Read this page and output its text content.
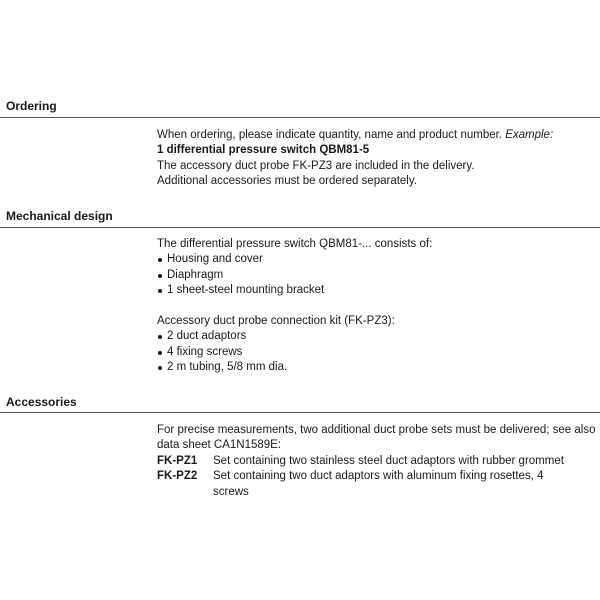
Ordering

When ordering, please indicate quantity, name and product number. Example:

1 differential pressure switch QBM81-5

The accessory duct probe FK-PZ3 are included in the delivery.

Additional accessories must be ordered separately.

Mechanical design

The differential pressure switch QBM81-... consists of:

Housing and cover
Diaphragm
1 sheet-steel mounting bracket

Accessory duct probe connection kit (FK-PZ3):

2 duct adaptors
4 fixing screws
2 m tubing, 5/8 mm dia.
Accessories

For precise measurements, two additional duct probe sets must be delivered; see also data sheet CA1N1589E:

FK-PZ1	Set containing two stainless steel duct adaptors with rubber grommet
FK-PZ2	Set containing two duct adaptors with aluminum fixing rosettes, 4 screws
